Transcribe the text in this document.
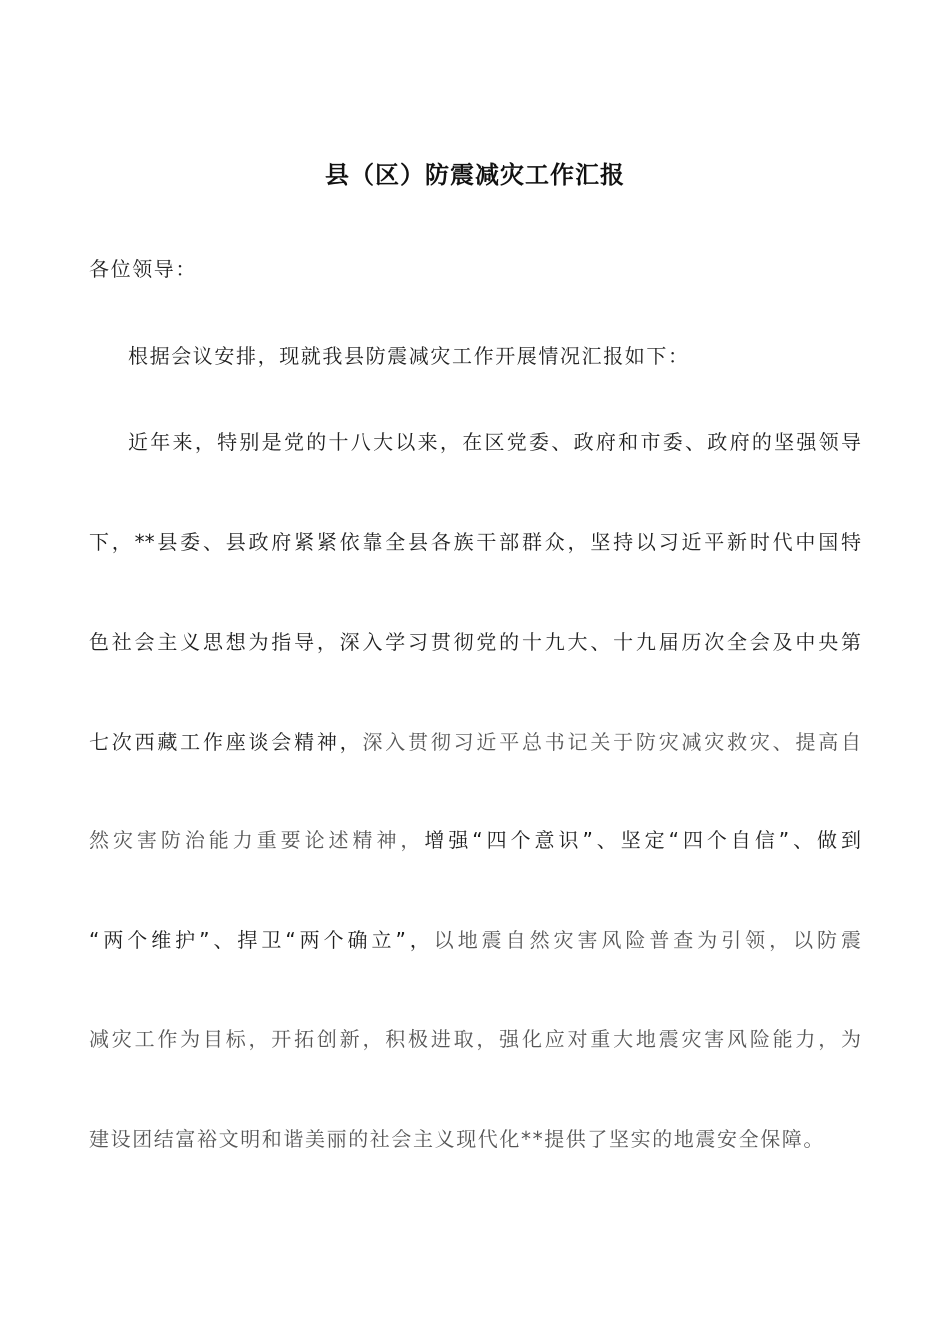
县（区）防震减灾工作汇报
各位领导：
根据会议安排，现就我县防震减灾工作开展情况汇报如下：
近年来，特别是党的十八大以来，在区党委、政府和市委、政府的坚强领导
下，**县委、县政府紧紧依靠全县各族干部群众，坚持以习近平新时代中国特
色社会主义思想为指导，深入学习贯彻党的十九大、十九届历次全会及中央第
七次西藏工作座谈会精神，深入贯彻习近平总书记关于防灾减灾救灾、提高自
然灾害防治能力重要论述精神，增强“四个意识”、坚定“四个自信”、做到
“两个维护”、捍卫“两个确立”，以地震自然灾害风险普查为引领，以防震
减灾工作为目标，开拓创新，积极进取，强化应对重大地震灾害风险能力，为
建设团结富裕文明和谐美丽的社会主义现代化**提供了坚实的地震安全保障。
